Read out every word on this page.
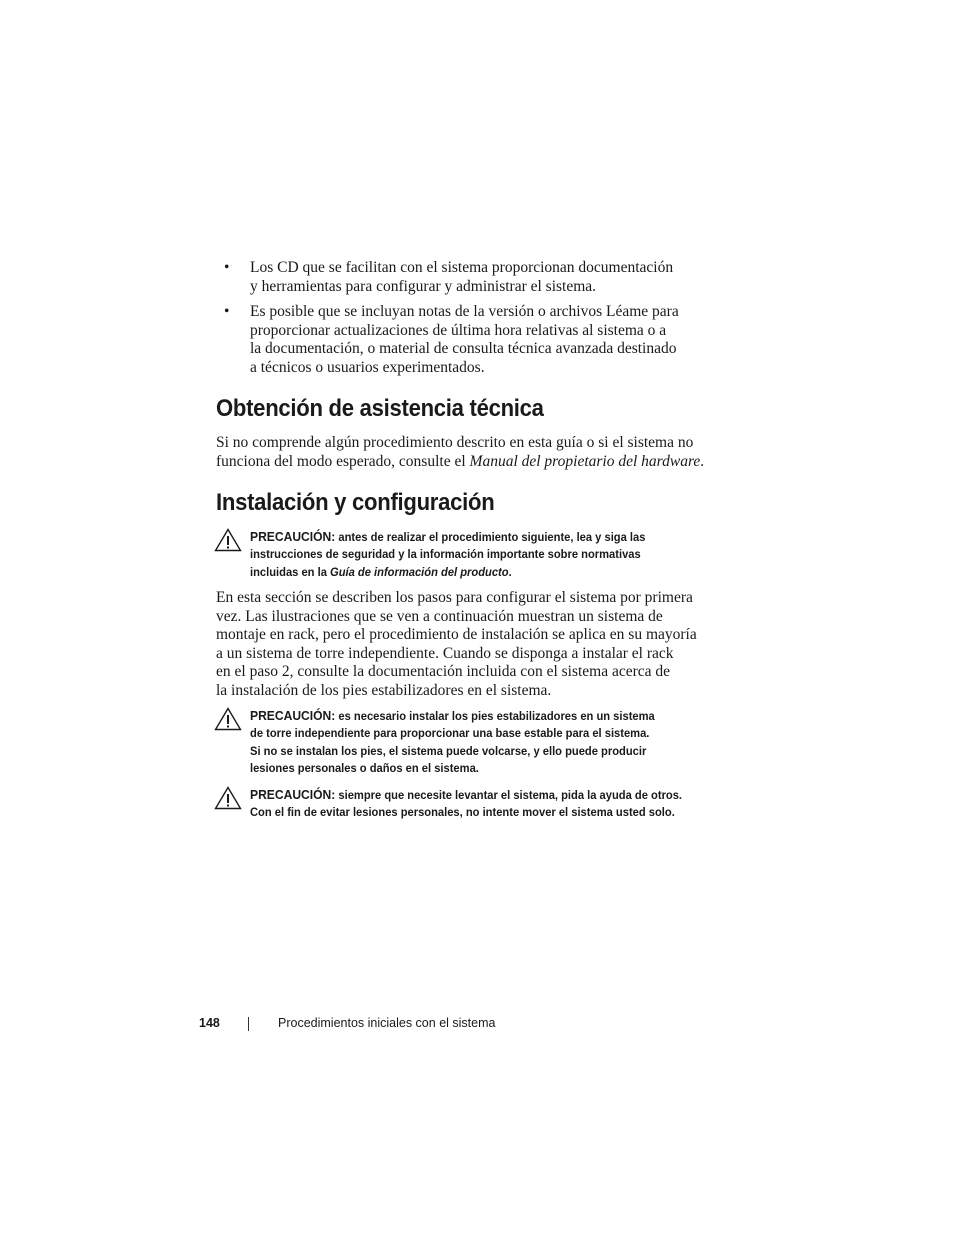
• Los CD que se facilitan con el sistema proporcionan documentación
y herramientas para configurar y administrar el sistema.
• Es posible que se incluyan notas de la versión o archivos Léame para
proporcionar actualizaciones de última hora relativas al sistema o a
la documentación, o material de consulta técnica avanzada destinado
a técnicos o usuarios experimentados.
Obtención de asistencia técnica

Si no comprende algún procedimiento descrito en esta guía o si el sistema no
funciona del modo esperado, consulte el Manual del propietario del hardware.

Instalación y configuración
PRECAUCIÓN: antes de realizar el procedimiento siguiente, lea y siga las
instrucciones de seguridad y la información importante sobre normativas
incluidas en la Guía de información del producto.

En esta sección se describen los pasos para configurar el sistema por primera
vez. Las ilustraciones que se ven a continuación muestran un sistema de
montaje en rack, pero el procedimiento de instalación se aplica en su mayoría
a un sistema de torre independiente. Cuando se disponga a instalar el rack
en el paso 2, consulte la documentación incluida con el sistema acerca de
la instalación de los pies estabilizadores en el sistema.

PRECAUCIÓN: es necesario instalar los pies estabilizadores en un sistema
de torre independiente para proporcionar una base estable para el sistema.
Si no se instalan los pies, el sistema puede volcarse, y ello puede producir
lesiones personales o daños en el sistema.
PRECAUCIÓN: siempre que necesite levantar el sistema, pida la ayuda de otros.
Con el fin de evitar lesiones personales, no intente mover el sistema usted solo.
148	Procedimientos iniciales con el sistema
